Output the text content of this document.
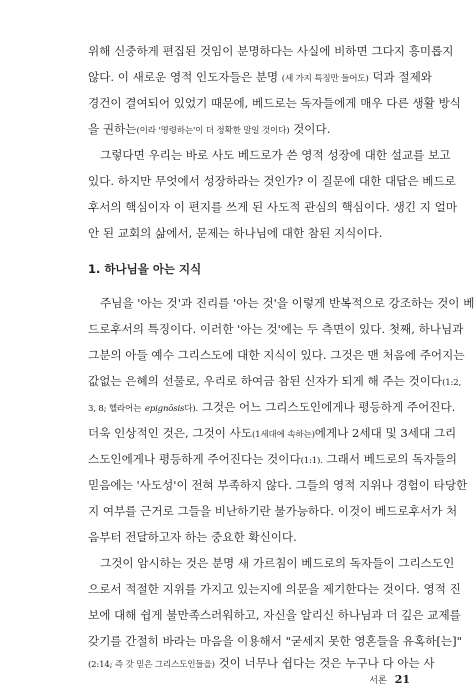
위해 신중하게 편집된 것임이 분명하다는 사실에 비하면 그다지 흥미롭지
않다. 이 새로운 영적 인도자들은 분명 (세 가지 특징만 들어도) 덕과 절제와
경건이 결여되어 있었기 때문에, 베드로는 독자들에게 매우 다른 생활 방식
을 권하는(이라 '명령하는'이 더 정확한 말일 것이다) 것이다.
그렇다면 우리는 바로 사도 베드로가 쓴 영적 성장에 대한 설교를 보고
있다. 하지만 무엇에서 성장하라는 것인가? 이 질문에 대한 대답은 베드로
후서의 핵심이자 이 편지를 쓰게 된 사도적 관심의 핵심이다. 생긴 지 얼마
안 된 교회의 삶에서, 문제는 하나님에 대한 참된 지식이다.
1. 하나님을 아는 지식
주님을 '아는 것'과 진리를 '아는 것'을 이렇게 반복적으로 강조하는 것이 베
드로후서의 특징이다. 이러한 '아는 것'에는 두 측면이 있다. 첫째, 하나님과
그분의 아들 예수 그리스도에 대한 지식이 있다. 그것은 맨 처음에 주어지는
값없는 은혜의 선물로, 우리로 하여금 참된 신자가 되게 해 주는 것이다(1:2,
3, 8; 헬라어는 epignōsis다). 그것은 어느 그리스도인에게나 평등하게 주어진다.
더욱 인상적인 것은, 그것이 사도(1세대에 속하는)에게나 2세대 및 3세대 그리
스도인에게나 평등하게 주어진다는 것이다(1:1). 그래서 베드로의 독자들의
믿음에는 '사도성'이 전혀 부족하지 않다. 그들의 영적 지위나 경험이 타당한
지 여부를 근거로 그들을 비난하기란 불가능하다. 이것이 베드로후서가 처
음부터 전달하고자 하는 중요한 확신이다.
그것이 암시하는 것은 분명 새 가르침이 베드로의 독자들이 그리스도인
으로서 적절한 지위를 가지고 있는지에 의문을 제기한다는 것이다. 영적 진
보에 대해 쉽게 불만족스러워하고, 자신을 알리신 하나님과 더 깊은 교제를
갖기를 간절히 바라는 마음을 이용해서 "굳세지 못한 영혼들을 유혹하[는]"
(2:14; 즉 갓 믿은 그리스도인들을) 것이 너무나 쉽다는 것은 누구나 다 아는 사
서론 21
